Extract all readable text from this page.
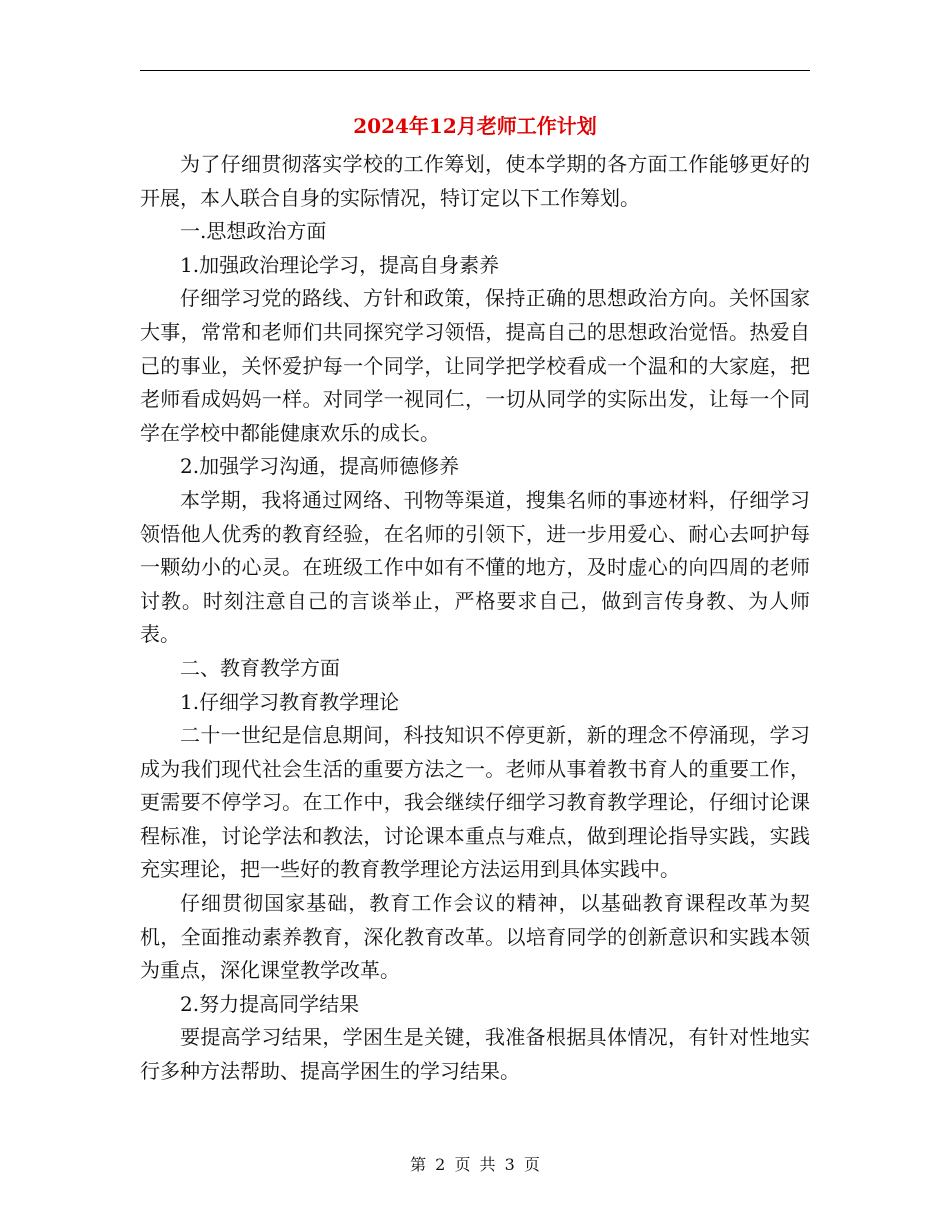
2024年12月老师工作计划

为了仔细贯彻落实学校的工作筹划，使本学期的各方面工作能够更好的开展，本人联合自身的实际情况，特订定以下工作筹划。

一.思想政治方面

1.加强政治理论学习，提高自身素养

仔细学习党的路线、方针和政策，保持正确的思想政治方向。关怀国家大事，常常和老师们共同探究学习领悟，提高自己的思想政治觉悟。热爱自己的事业，关怀爱护每一个同学，让同学把学校看成一个温和的大家庭，把老师看成妈妈一样。对同学一视同仁，一切从同学的实际出发，让每一个同学在学校中都能健康欢乐的成长。

2.加强学习沟通，提高师德修养

本学期，我将通过网络、刊物等渠道，搜集名师的事迹材料，仔细学习领悟他人优秀的教育经验，在名师的引领下，进一步用爱心、耐心去呵护每一颗幼小的心灵。在班级工作中如有不懂的地方，及时虚心的向四周的老师讨教。时刻注意自己的言谈举止，严格要求自己，做到言传身教、为人师表。

二、教育教学方面

1.仔细学习教育教学理论

二十一世纪是信息期间，科技知识不停更新，新的理念不停涌现，学习成为我们现代社会生活的重要方法之一。老师从事着教书育人的重要工作，更需要不停学习。在工作中，我会继续仔细学习教育教学理论，仔细讨论课程标准，讨论学法和教法，讨论课本重点与难点，做到理论指导实践，实践充实理论，把一些好的教育教学理论方法运用到具体实践中。

仔细贯彻国家基础，教育工作会议的精神，以基础教育课程改革为契机，全面推动素养教育，深化教育改革。以培育同学的创新意识和实践本领为重点，深化课堂教学改革。

2.努力提高同学结果

要提高学习结果，学困生是关键，我准备根据具体情况，有针对性地实行多种方法帮助、提高学困生的学习结果。

第 2 页 共 3 页
